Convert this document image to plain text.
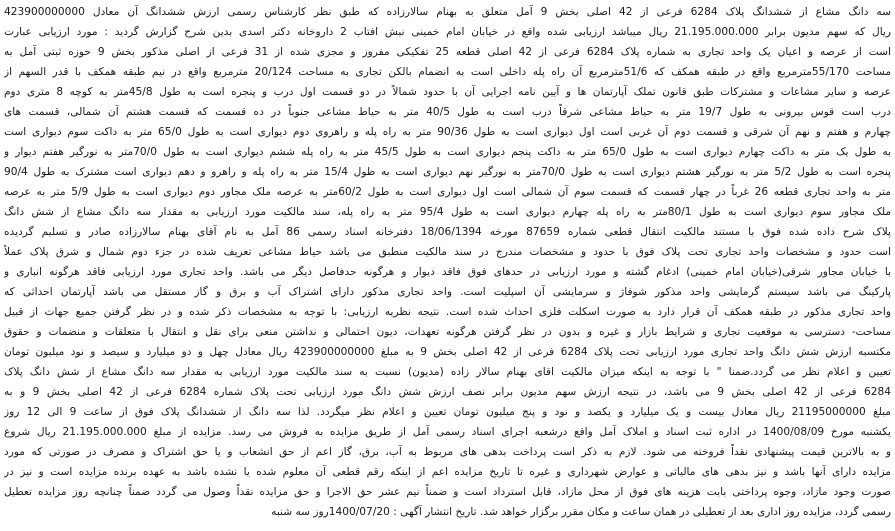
سه دانگ مشاع از ششدانگ پلاک 6284 فرعی از 42 اصلی بخش 9 آمل متعلق به بهنام سالارزاده که طبق نظر کارشناس رسمی ارزش ششدانگ آن معادل 423900000000
ریال که سهم مدیون برابر 21.195.000.000 ریال میباشد ارزیابی شده واقع در خیابان امام خمینی نبش افتاب 2 داروخانه دکتر اسدی بدین شرح گزارش گردید : مورد ارزیابی عبارت
است از عرصه و اعیان یک واحد تجاری به شماره پلاک 6284 فرعی از 42 اصلی قطعه 25 تفکیکی مفروز و مجزی شده از 31 فرعی از اصلی مذکور بخش 9 حوزه ثبتی آمل به
مساحت 55/170مترمربع واقع در طبقه همکف که 51/6مترمربع آن راه پله داخلی است به انضمام بالکن تجاری به مساحت 20/124 مترمربع واقع در نیم طبقه همکف با قدر السهم از
عرصه و سایر مشاعات و مشترکات طبق قانون تملک آپارتمان ها و آیین نامه اجرایی آن با حدود شمالاً در دو قسمت اول درب و پنجره است به طول 45/8متر به کوچه 8 متری دوم
درب است قوس بیرونی به طول 19/7 متر به حیاط مشاعی شرقاً درب است به طول 40/5 متر به حیاط مشاعی جنوباً در ده قسمت که قسمت هشتم آن شمالی، قسمت های
چهارم و هفتم و نهم آن شرقی و قسمت دوم آن غربی است اول دیواری است به طول 90/36 متر به راه پله و راهروی دوم دیواری است به طول 65/0 متر به داکت سوم دیواری است
به طول یک متر به داکت چهارم دیواری است به طول 65/0 متر به داکت پنجم دیواری است به طول 45/5 متر به راه پله ششم دیواری است به طول 70/0متر به نورگیر هفتم دیوار و
پنجره است به طول 5/2 متر به نورگیر هشتم دیواری است به طول 70/0متر به نورگیر نهم دیواری است به طول 15/4 متر به راه پله و راهرو و دهم دیواری است مشترک به طول 90/4
متر به واحد تجاری قطعه 26 غرباً در چهار قسمت که قسمت سوم آن شمالی است اول دیواری است به طول 60/2متر به عرصه ملک مجاور دوم دیواری است به طول 5/9 متر به عرصه
ملک مجاور سوم دیواری است به طول 80/1متر به راه پله چهارم دیواری است به طول 95/4 متر به راه پله، سند مالکیت مورد ارزیابی به مقدار سه دانگ مشاع از شش دانگ
پلاک شرح داده شده فوق با مستند مالکیت انتقال قطعی شماره 87659 مورخه 18/06/1394 دفترخانه اسناد رسمی 86 آمل به نام آقای بهنام سالارزاده صادر و تسلیم گردیده
است حدود و مشخصات واحد تجاری تحت پلاک فوق با حدود و مشخصات مندرج در سند مالکیت منطبق می باشد حیاط مشاعی تعریف شده در جزء دوم شمال و شرق پلاک عملاً
با خیابان مجاور شرقی(خیابان امام خمینی) ادغام گشته و مورد ارزیابی در حدهای فوق فاقد دیوار و هرگونه حدفاصل دیگر می باشد. واحد تجاری مورد ارزیابی فاقد هرگونه انباری و
پارکینگ می باشد سیستم گرمایشی واحد مذکور شوفاژ و سرمایشی آن اسپلیت است. واحد تجاری مذکور دارای اشتراک آب و برق و گاز مستقل می باشد آپارتمان احداثی که
واحد تجاری مذکور در طبقه همکف آن قرار دارد به صورت اسکلت فلزی احداث شده است. نتیجه نظریه ارزیابی: با توجه به مشخصات ذکر شده و در نظر گرفتن جمیع جهات از قبیل
مساحت- دسترسی به موقعیت تجاری و شرایط بازار و غیره و بدون در نظر گرفتن هرگونه تعهدات، دیون احتمالی و نداشتن منعی برای نقل و انتقال با متعلقات و منضمات و حقوق
مکتسبه ارزش شش دانگ واحد تجاری مورد ارزیابی تحت پلاک 6284 فرعی از 42 اصلی بخش 9 به مبلغ 423900000000 ریال معادل چهل و دو میلیارد و سیصد و نود میلیون تومان
تعیین و اعلام نظر می گردد.ضمنا " با توجه به اینکه میزان مالکیت اقای بهنام سالار زاده (مدیون) نسبت به سند مالکیت مورد ارزیابی به مقدار سه دانگ مشاع از شش دانگ پلاک
6284 فرعی از 42 اصلی بخش 9 می باشد، در نتیجه ارزش سهم مدیون برابر نصف ارزش شش دانگ مورد ارزیابی تحت پلاک شماره 6284 فرعی از 42 اصلی بخش 9 و به
مبلغ 21195000000 ریال معادل بیست و یک میلیارد و یکصد و نود و پنج میلیون تومان تعیین و اعلام نظر میگردد. لذا سه دانگ از ششدانگ پلاک فوق از ساعت 9 الی 12 روز
یکشنبه مورخ 1400/08/09 در اداره ثبت اسناد و املاک آمل واقع درشعبه اجرای اسناد رسمی آمل از طریق مزایده به فروش می رسد. مزایده از مبلغ 21.195.000.000 ریال شروع
و به بالاترین قیمت پیشنهادی نقداً فروخته می شود. لازم به ذکر است پرداخت بدهی های مربوط به آب، برق، گاز اعم از حق انشعاب و یا حق اشتراک و مصرف در صورتی که مورد
مزایده دارای آنها باشد و نیز بدهی های مالیاتی و عوارض شهرداری و غیره تا تاریخ مزایده اعم از اینکه رقم قطعی آن معلوم شده یا نشده باشد به عهده برنده مزایده است و نیز در
صورت وجود مازاد، وجوه پرداختی بابت هزینه های فوق از محل مازاد، قابل استرداد است و ضمناً نیم عشر حق الاجرا و حق مزایده نقداً وصول می گردد ضمناً چنانچه روز مزایده تعطیل
رسمی گردد، مزایده روز اداری بعد از تعطیلی در همان ساعت و مکان مقرر برگزار خواهد شد. تاریخ انتشار آگهی : 1400/07/20روز سه شنبه
